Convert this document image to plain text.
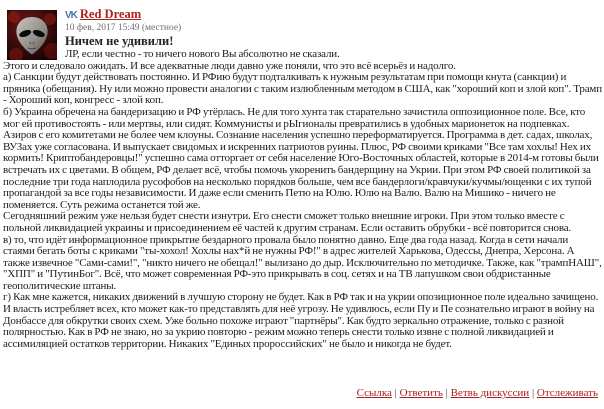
VK Red Dream
10 фев, 2017 15:49 (местное)
Ничем не удивили!
ЛР, если честно - то ничего нового Вы абсолютно не сказали.
Этого и следовало ожидать. И все адекватные люди давно уже поняли, что это всё всерьёз и надолго.
а) Санкции будут действовать постоянно. И РФию будут подталкивать к нужным результатам при помощи кнута (санкции) и пряника (обещания). Ну или можно провести аналогии с таким излюбленным методом в США, как "хороший коп и злой коп". Трамп - Хороший коп, конгресс - злой коп.
б) Украина обречена на бандеризацию и РФ утёрлась. Не для того хунта так старательно зачистила оппозиционное поле. Все, кто мог ей противостоять - или мертвы, или сидят. Коммунисты и рЫгионалы превратились в удобных марионеток на подпевках. Азиров с его комитетами не более чем клоуны. Сознание населения успешно переформатируется. Программа в дет. садах, школах, ВУЗах уже согласована. И выпускает свидомых и искренних патриотов руины. Плюс, РФ своими криками "Все там хохлы! Нех их кормить! Криптобандеровцы!" успешно сама отторгает от себя население Юго-Восточных областей, которые в 2014-м готовы были встречать их с цветами. В общем, РФ делает всё, чтобы помочь укоренить бандерщину на Укрии. При этом РФ своей политикой за последние три года наплодила русофобов на несколько порядков больше, чем все бандерлоги/кравчуки/кучмы/ющенки с их тупой пропагандой за все годы независимости. И даже если сменить Петю на Юлю. Юлю на Валю. Валю на Мишико - ничего не поменяется. Суть режима останется той же.
Сегодняшний режим уже нельзя будет снести изнутри. Его снести сможет только внешние игроки. При этом только вместе с польной ликвидацией украины и присоединением её частей к другим странам. Если оставить обрубки - всё повторится снова.
в) то, что идёт информационное прикрытие бездарного провала было понятно давно. Еще два года назад. Когда в сети начали стаями бегать боты с криками "ты-хохол! Хохлы нах*й не нужны РФ!" в адрес жителей Харькова, Одессы, Днепра, Херсона. А также извечное "Сами-сами!", "никто ничего не обещал!" вылизано до дыр. Исключительно по методичке. Также, как "трампНАШ", "ХПП" и "ПутинБог". Всё, что может современная РФ-это прикрывать в соц. сетях и на ТВ лапушком свои обдристанные геополитические штаны.
г) Как мне кажется, никаких движений в лучшую сторону не будет. Как в РФ так и на укрии опозиционное поле идеально зачищено. И власть истребляет всех, кто может как-то представлять для неё угрозу. Не удивлюсь, если Пу и Пе сознательно играют в войну на Донбассе для обкрутки своих схем. Уже больно похоже играют "партнёры". Как будто зеркально отражение, только с разной полярностью. Как в РФ не знаю, но за укрию повторю - режим можно теперь снести только извне с полной ликвидацией и ассимиляцией остатков территории. Никаких "Единых пророссийских" не было и никогда не будет.
Ссылка | Ответить | Ветвь дискуссии | Отслеживать
